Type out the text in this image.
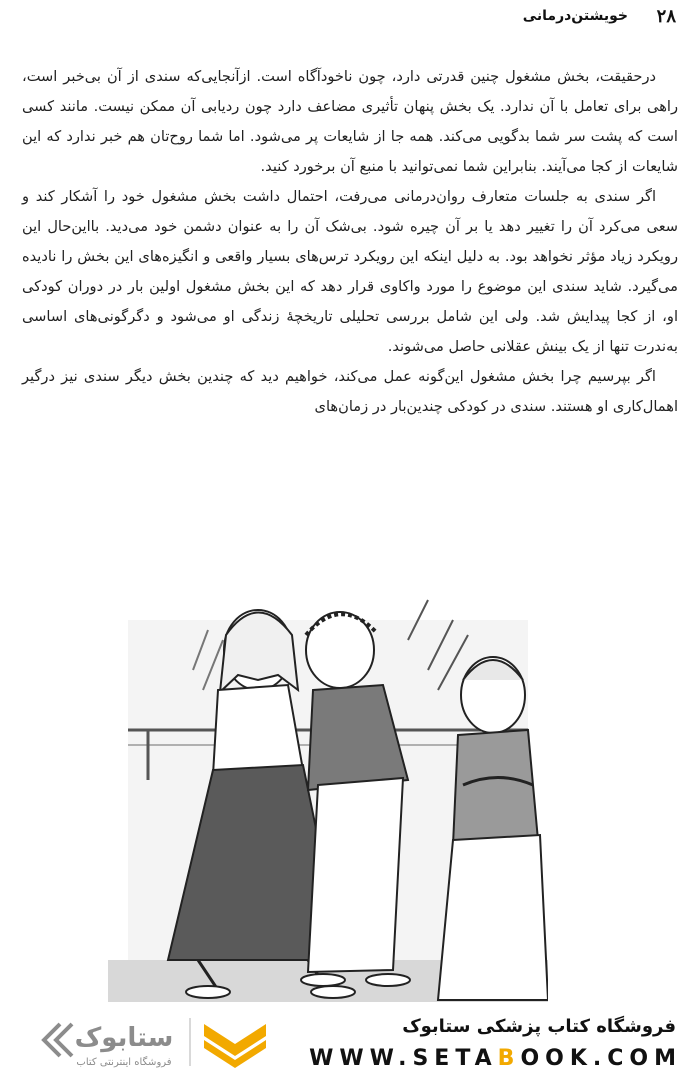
۲۸
خویشتن‌درمانی

درحقیقت، بخش مشغول چنین قدرتی دارد، چون ناخودآگاه است. ازآنجایی‌که سندی از آن بی‌خبر است، راهی برای تعامل با آن ندارد. یک بخش پنهان تأثیری مضاعف دارد چون ردیابی آن ممکن نیست. مانند کسی است که پشت سر شما بدگویی می‌کند. همه جا از شایعات پر می‌شود. اما شما روح‌تان هم خبر ندارد که این شایعات از کجا می‌آیند. بنابراین شما نمی‌توانید با منبع آن برخورد کنید.

اگر سندی به جلسات متعارف روان‌درمانی می‌رفت، احتمال داشت بخش مشغول خود را آشکار کند و سعی می‌کرد آن را تغییر دهد یا بر آن چیره شود. بی‌شک آن را به عنوان دشمن خود می‌دید. بااین‌حال این رویکرد زیاد مؤثر نخواهد بود. به دلیل اینکه این رویکرد ترس‌های بسیار واقعی و انگیزه‌های این بخش را نادیده می‌گیرد. شاید سندی این موضوع را مورد واکاوی قرار دهد که این بخش مشغول اولین بار در دوران کودکی او، از کجا پیدایش شد. ولی این شامل بررسی تحلیلی تاریخچهٔ زندگی او می‌شود و دگرگونی‌های اساسی به‌ندرت تنها از یک بینش عقلانی حاصل می‌شوند.

اگر بپرسیم چرا بخش مشغول این‌گونه عمل می‌کند، خواهیم دید که چندین بخش دیگر سندی نیز درگیر اهمال‌کاری او هستند. سندی در کودکی چندین‌بار در زمان‌های

ستابوک
فروشگاه اینترنتی کتاب
فروشگاه کتاب پزشکی ستابوک
WWW.SETABOOK.COM
